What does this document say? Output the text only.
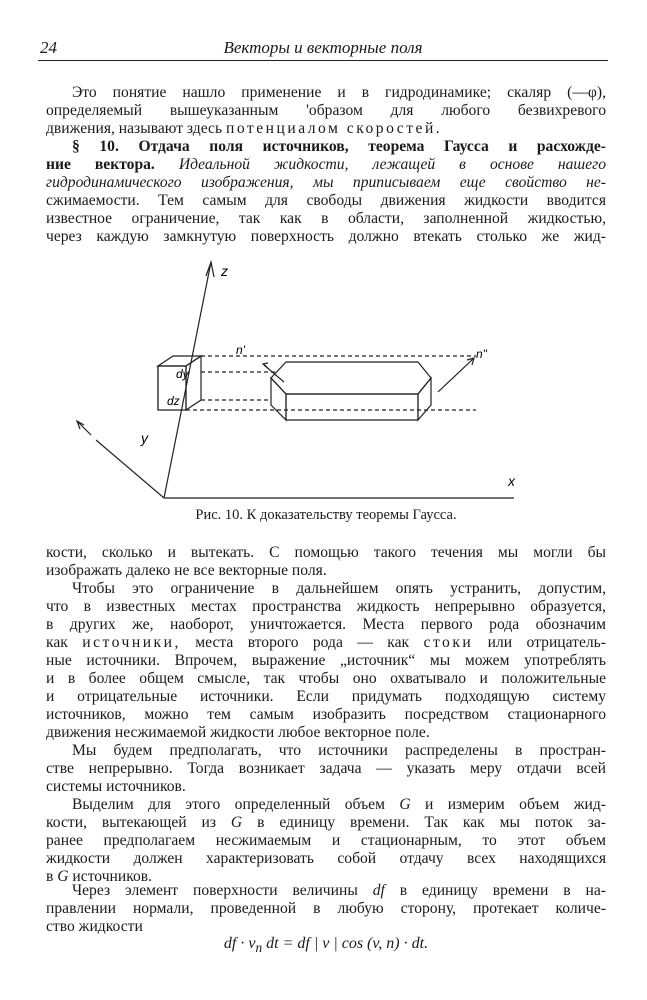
24	Векторы и векторные поля
Это понятие нашло применение и в гидродинамике; скаляр (—φ),
определяемый вышеуказанным 'образом для любого безвихревого
движения, называют здесь потенциалом скоростей.
§ 10. Отдача поля источников, теорема Гаусса и расхожде-
ние вектора. Идеальной жидкости, лежащей в основе нашего
гидродинамического изображения, мы приписываем еще свойство не-
сжимаемости. Тем самым для свободы движения жидкости вводится
известное ограничение, так как в области, заполненной жидкостью,
через каждую замкнутую поверхность должно втекать столько же жид-
z
y
x
dy
dz
n'	n"
Рис. 10. К доказательству теоремы Гаусса.
кости, сколько и вытекать. С помощью такого течения мы могли бы
изображать далеко не все векторные поля.
Чтобы это ограничение в дальнейшем опять устранить, допустим,
что в известных местах пространства жидкость непрерывно образуется,
в других же, наоборот, уничтожается. Места первого рода обозначим
как источники, места второго рода — как стоки или отрицатель-
ные источники. Впрочем, выражение „источник“ мы можем употреблять
и в более общем смысле, так чтобы оно охватывало и положительные
и отрицательные источники. Если придумать подходящую систему
источников, можно тем самым изобразить посредством стационарного
движения несжимаемой жидкости любое векторное поле.
Мы будем предполагать, что источники распределены в простран-
стве непрерывно. Тогда возникает задача — указать меру отдачи всей
системы источников.
Выделим для этого определенный объем G и измерим объем жид-
кости, вытекающей из G в единицу времени. Так как мы поток за-
ранее предполагаем несжимаемым и стационарным, то этот объем
жидкости должен характеризовать собой отдачу всех находящихся
в G источников.
Через элемент поверхности величины df в единицу времени в на-
правлении нормали, проведенной в любую сторону, протекает количе-
ство жидкости
df · $v_n$ dt = df | v | cos (v, n) · dt.
